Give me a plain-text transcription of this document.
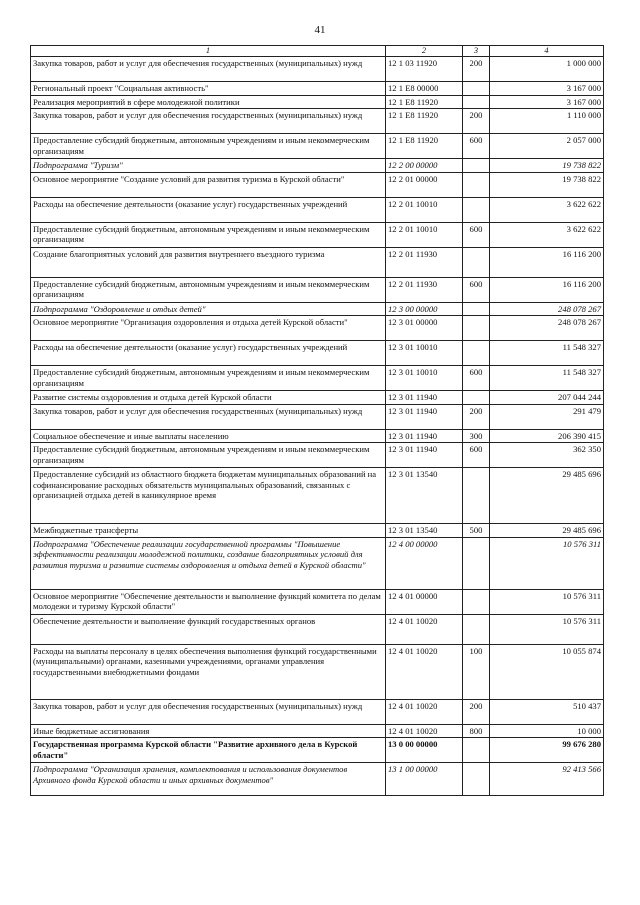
41
1	2	3	4
Закупка товаров, работ и услуг для обеспечения государственных (муниципальных) нужд	12 1 03 11920	200	1 000 000
Региональный проект "Социальная активность"	12 1 E8 00000		3 167 000
Реализация мероприятий в сфере молодежной политики	12 1 E8 11920		3 167 000
Закупка товаров, работ и услуг для обеспечения государственных (муниципальных) нужд	12 1 E8 11920	200	1 110 000
Предоставление субсидий бюджетным, автономным учреждениям и иным некоммерческим организациям	12 1 E8 11920	600	2 057 000
Подпрограмма "Туризм"	12 2 00 00000		19 738 822
Основное мероприятие "Создание условий для развития туризма в Курской области"	12 2 01 00000		19 738 822
Расходы на обеспечение деятельности (оказание услуг) государственных учреждений	12 2 01 10010		3 622 622
Предоставление субсидий бюджетным, автономным учреждениям и иным некоммерческим организациям	12 2 01 10010	600	3 622 622
Создание благоприятных условий для развития внутреннего въездного туризма	12 2 01 11930		16 116 200
Предоставление субсидий бюджетным, автономным учреждениям и иным некоммерческим организациям	12 2 01 11930	600	16 116 200
Подпрограмма "Оздоровление и отдых детей"	12 3 00 00000		248 078 267
Основное мероприятие "Организация оздоровления и отдыха детей Курской области"	12 3 01 00000		248 078 267
Расходы на обеспечение деятельности (оказание услуг) государственных учреждений	12 3 01 10010		11 548 327
Предоставление субсидий бюджетным, автономным учреждениям и иным некоммерческим организациям	12 3 01 10010	600	11 548 327
Развитие системы оздоровления и отдыха детей Курской области	12 3 01 11940		207 044 244
Закупка товаров, работ и услуг для обеспечения государственных (муниципальных) нужд	12 3 01 11940	200	291 479
Социальное обеспечение и иные выплаты населению	12 3 01 11940	300	206 390 415
Предоставление субсидий бюджетным, автономным учреждениям и иным некоммерческим организациям	12 3 01 11940	600	362 350
Предоставление субсидий из областного бюджета бюджетам муниципальных образований на софинансирование расходных обязательств муниципальных образований, связанных с организацией отдыха детей в каникулярное время	12 3 01 13540		29 485 696
Межбюджетные трансферты	12 3 01 13540	500	29 485 696
Подпрограмма "Обеспечение реализации государственной программы "Повышение эффективности реализации молодежной политики, создание благоприятных условий для развития туризма и развитие системы оздоровления и отдыха детей в Курской области"	12 4 00 00000		10 576 311
Основное мероприятие "Обеспечение деятельности и выполнение функций комитета по делам молодежи и туризму Курской области"	12 4 01 00000		10 576 311
Обеспечение деятельности и выполнение функций государственных органов	12 4 01 10020		10 576 311
Расходы на выплаты персоналу в целях обеспечения выполнения функций государственными (муниципальными) органами, казенными учреждениями, органами управления государственными внебюджетными фондами	12 4 01 10020	100	10 055 874
Закупка товаров, работ и услуг для обеспечения государственных (муниципальных) нужд	12 4 01 10020	200	510 437
Иные бюджетные ассигнования	12 4 01 10020	800	10 000
Государственная программа Курской области "Развитие архивного дела в Курской области"	13 0 00 00000		99 676 280
Подпрограмма "Организация хранения, комплектования и использования документов Архивного фонда Курской области и иных архивных документов"	13 1 00 00000		92 413 566
